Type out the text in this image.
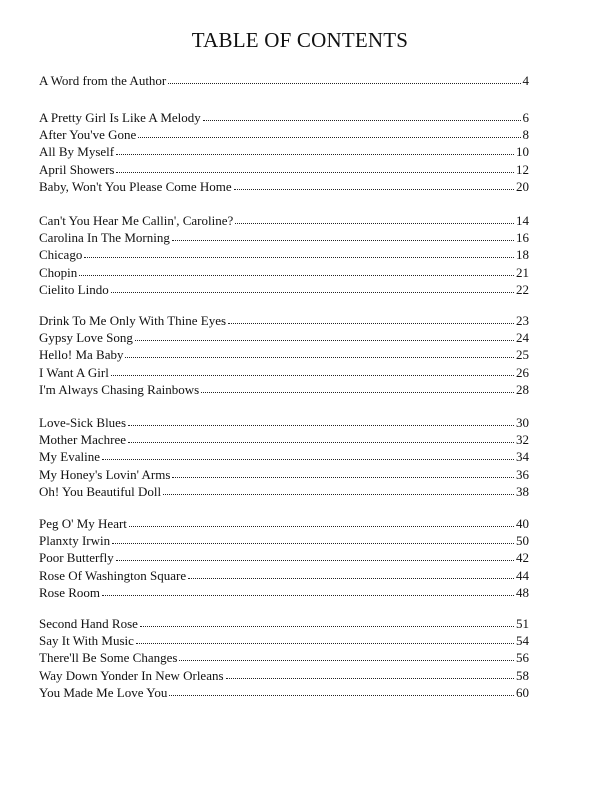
TABLE OF CONTENTS
A Word from the Author	4
A Pretty Girl Is Like A Melody	6
After You've Gone	8
All By Myself	10
April Showers	12
Baby, Won't You Please Come Home	20
Can't You Hear Me Callin', Caroline?	14
Carolina In The Morning	16
Chicago	18
Chopin	21
Cielito Lindo	22
Drink To Me Only With Thine Eyes	23
Gypsy Love Song	24
Hello! Ma Baby	25
I Want A Girl	26
I'm Always Chasing Rainbows	28
Love-Sick Blues	30
Mother Machree	32
My Evaline	34
My Honey's Lovin' Arms	36
Oh! You Beautiful Doll	38
Peg O' My Heart	40
Planxty Irwin	50
Poor Butterfly	42
Rose Of Washington Square	44
Rose Room	48
Second Hand Rose	51
Say It With Music	54
There'll Be Some Changes	56
Way Down Yonder In New Orleans	58
You Made Me Love You	60
